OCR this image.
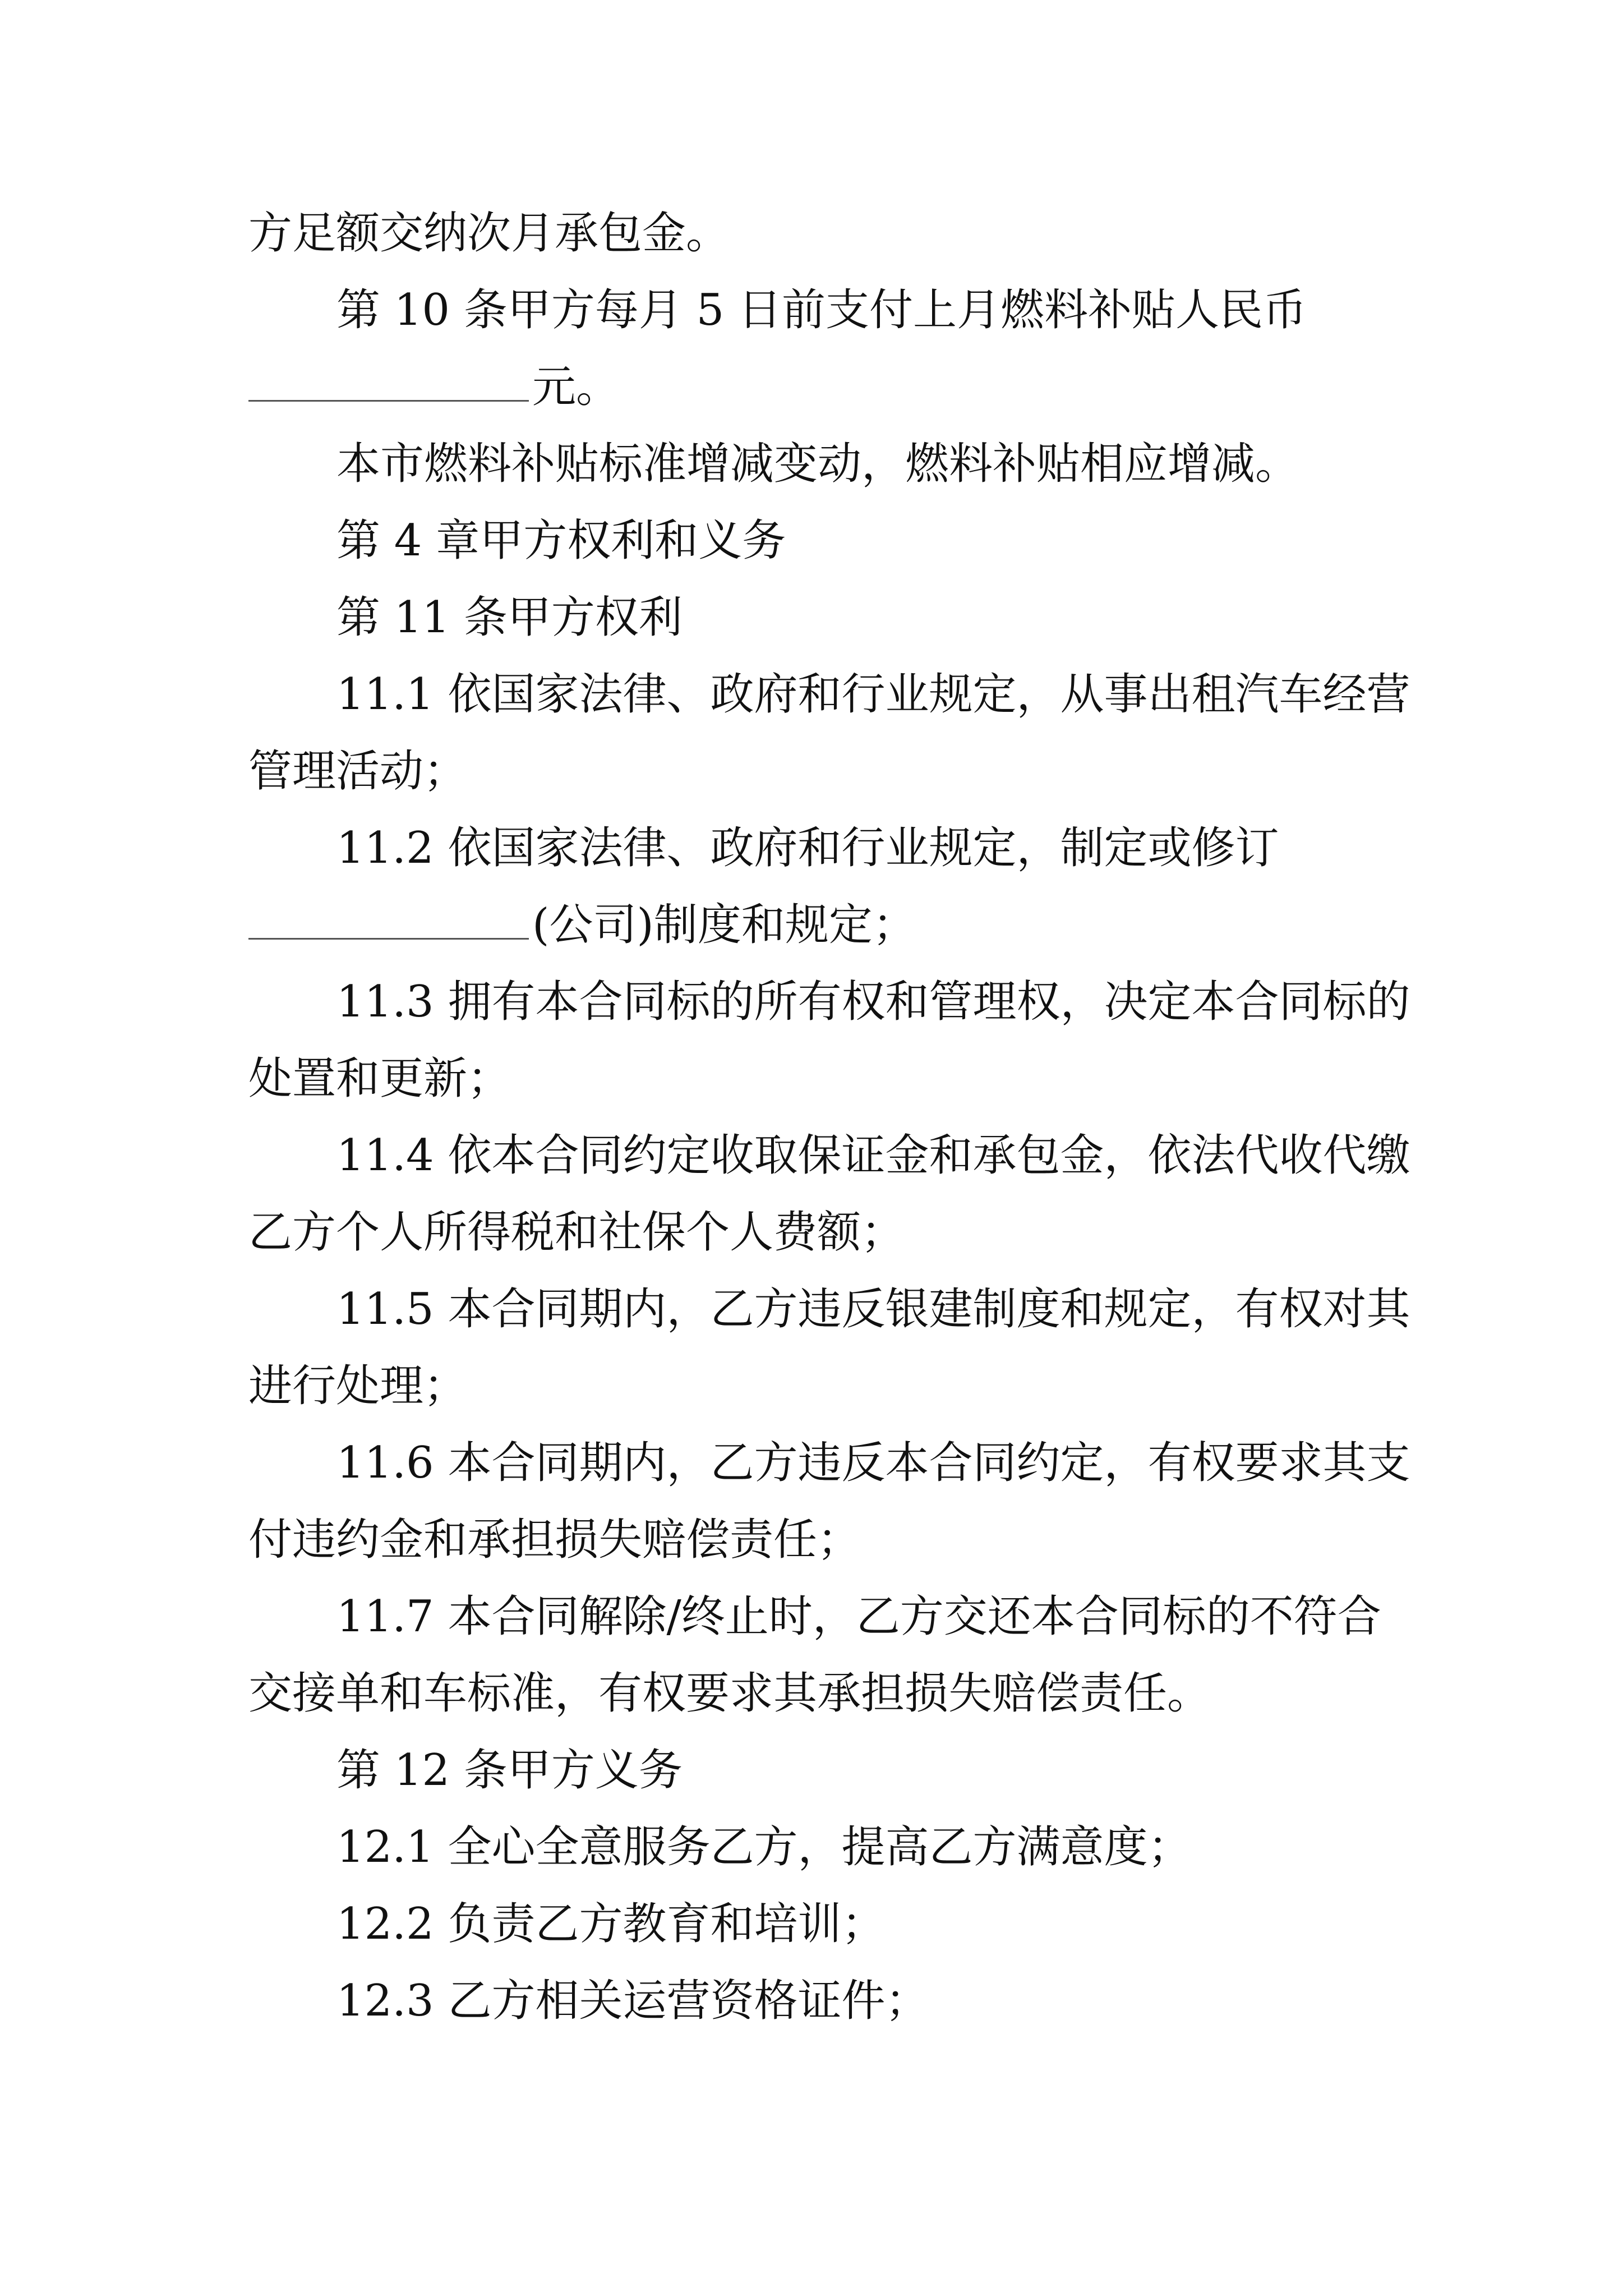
方足额交纳次月承包金。
第 10 条甲方每月 5 日前支付上月燃料补贴人民币
元。
本市燃料补贴标准增减变动，燃料补贴相应增减。
第 4 章甲方权利和义务
第 11 条甲方权利
11.1 依国家法律、政府和行业规定，从事出租汽车经营
管理活动；
11.2 依国家法律、政府和行业规定，制定或修订
(公司)制度和规定；
11.3 拥有本合同标的所有权和管理权，决定本合同标的
处置和更新；
11.4 依本合同约定收取保证金和承包金，依法代收代缴
乙方个人所得税和社保个人费额；
11.5 本合同期内，乙方违反银建制度和规定，有权对其
进行处理；
11.6 本合同期内，乙方违反本合同约定，有权要求其支
付违约金和承担损失赔偿责任；
11.7 本合同解除/终止时，乙方交还本合同标的不符合
交接单和车标准，有权要求其承担损失赔偿责任。
第 12 条甲方义务
12.1 全心全意服务乙方，提高乙方满意度；
12.2 负责乙方教育和培训；
12.3 乙方相关运营资格证件；
